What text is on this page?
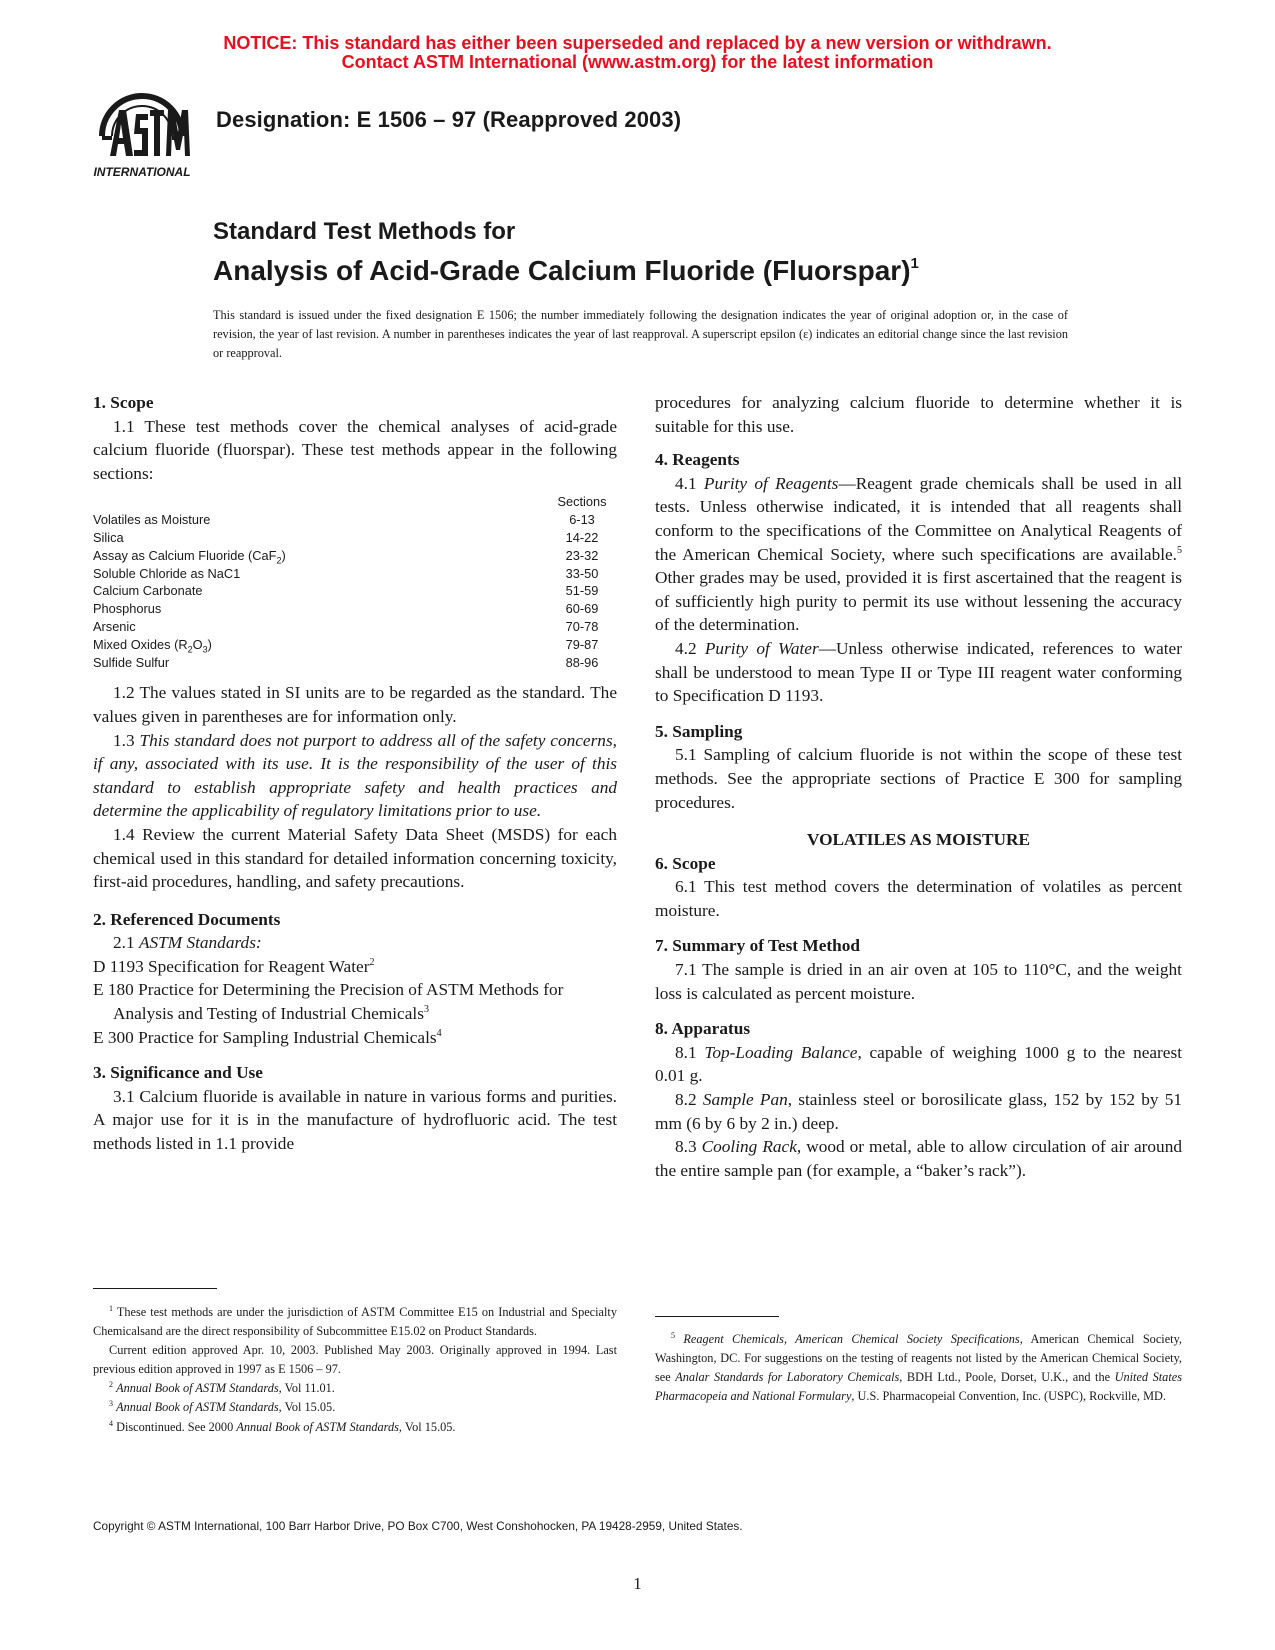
NOTICE: This standard has either been superseded and replaced by a new version or withdrawn.
Contact ASTM International (www.astm.org) for the latest information
INTERNATIONAL
Designation: E 1506 – 97 (Reapproved 2003)
Standard Test Methods for
Analysis of Acid-Grade Calcium Fluoride (Fluorspar)$^1$
This standard is issued under the fixed designation E 1506; the number immediately following the designation indicates the year of original adoption or, in the case of revision, the year of last revision. A number in parentheses indicates the year of last reapproval. A superscript epsilon (ε) indicates an editorial change since the last revision or reapproval.

1. Scope

1.1 These test methods cover the chemical analyses of acid-grade calcium fluoride (fluorspar). These test methods appear in the following sections:

	Sections
Volatiles as Moisture	6-13
Silica	14-22
Assay as Calcium Fluoride (CaF$_2$)	23-32
Soluble Chloride as NaC1	33-50
Calcium Carbonate	51-59
Phosphorus	60-69
Arsenic	70-78
Mixed Oxides $(R_2O_3)$	79-87
Sulfide Sulfur	88-96

1.2 The values stated in SI units are to be regarded as the standard. The values given in parentheses are for information only.

1.3 This standard does not purport to address all of the safety concerns, if any, associated with its use. It is the responsibility of the user of this standard to establish appropriate safety and health practices and determine the applicability of regulatory limitations prior to use.

1.4 Review the current Material Safety Data Sheet (MSDS) for each chemical used in this standard for detailed information concerning toxicity, first-aid procedures, handling, and safety precautions.

2. Referenced Documents

2.1 ASTM Standards:

D 1193 Specification for Reagent Water$^2$

E 180 Practice for Determining the Precision of ASTM Methods for Analysis and Testing of Industrial Chemicals$^3$

E 300 Practice for Sampling Industrial Chemicals$^4$

3. Significance and Use

3.1 Calcium fluoride is available in nature in various forms and purities. A major use for it is in the manufacture of hydrofluoric acid. The test methods listed in 1.1 provide

procedures for analyzing calcium fluoride to determine whether it is suitable for this use.

4. Reagents

4.1 Purity of Reagents—Reagent grade chemicals shall be used in all tests. Unless otherwise indicated, it is intended that all reagents shall conform to the specifications of the Committee on Analytical Reagents of the American Chemical Society, where such specifications are available.$^5$ Other grades may be used, provided it is first ascertained that the reagent is of sufficiently high purity to permit its use without lessening the accuracy of the determination.

4.2 Purity of Water—Unless otherwise indicated, references to water shall be understood to mean Type II or Type III reagent water conforming to Specification D 1193.

5. Sampling

5.1 Sampling of calcium fluoride is not within the scope of these test methods. See the appropriate sections of Practice E 300 for sampling procedures.

VOLATILES AS MOISTURE

6. Scope

6.1 This test method covers the determination of volatiles as percent moisture.

7. Summary of Test Method

7.1 The sample is dried in an air oven at 105 to 110°C, and the weight loss is calculated as percent moisture.

8. Apparatus

8.1 Top-Loading Balance, capable of weighing 1000 g to the nearest 0.01 g.

8.2 Sample Pan, stainless steel or borosilicate glass, 152 by 152 by 51 mm (6 by 6 by 2 in.) deep.

8.3 Cooling Rack, wood or metal, able to allow circulation of air around the entire sample pan (for example, a “baker’s rack”).

$^1$ These test methods are under the jurisdiction of ASTM Committee E15 on Industrial and Specialty Chemicalsand are the direct responsibility of Subcommittee E15.02 on Product Standards.

Current edition approved Apr. 10, 2003. Published May 2003. Originally approved in 1994. Last previous edition approved in 1997 as E 1506 – 97.

$^2$ Annual Book of ASTM Standards, Vol 11.01.

$^3$ Annual Book of ASTM Standards, Vol 15.05.

$^4$ Discontinued. See 2000 Annual Book of ASTM Standards, Vol 15.05.

$^5$ Reagent Chemicals, American Chemical Society Specifications, American Chemical Society, Washington, DC. For suggestions on the testing of reagents not listed by the American Chemical Society, see Analar Standards for Laboratory Chemicals, BDH Ltd., Poole, Dorset, U.K., and the United States Pharmacopeia and National Formulary, U.S. Pharmacopeial Convention, Inc. (USPC), Rockville, MD.

Copyright © ASTM International, 100 Barr Harbor Drive, PO Box C700, West Conshohocken, PA 19428-2959, United States.
1
